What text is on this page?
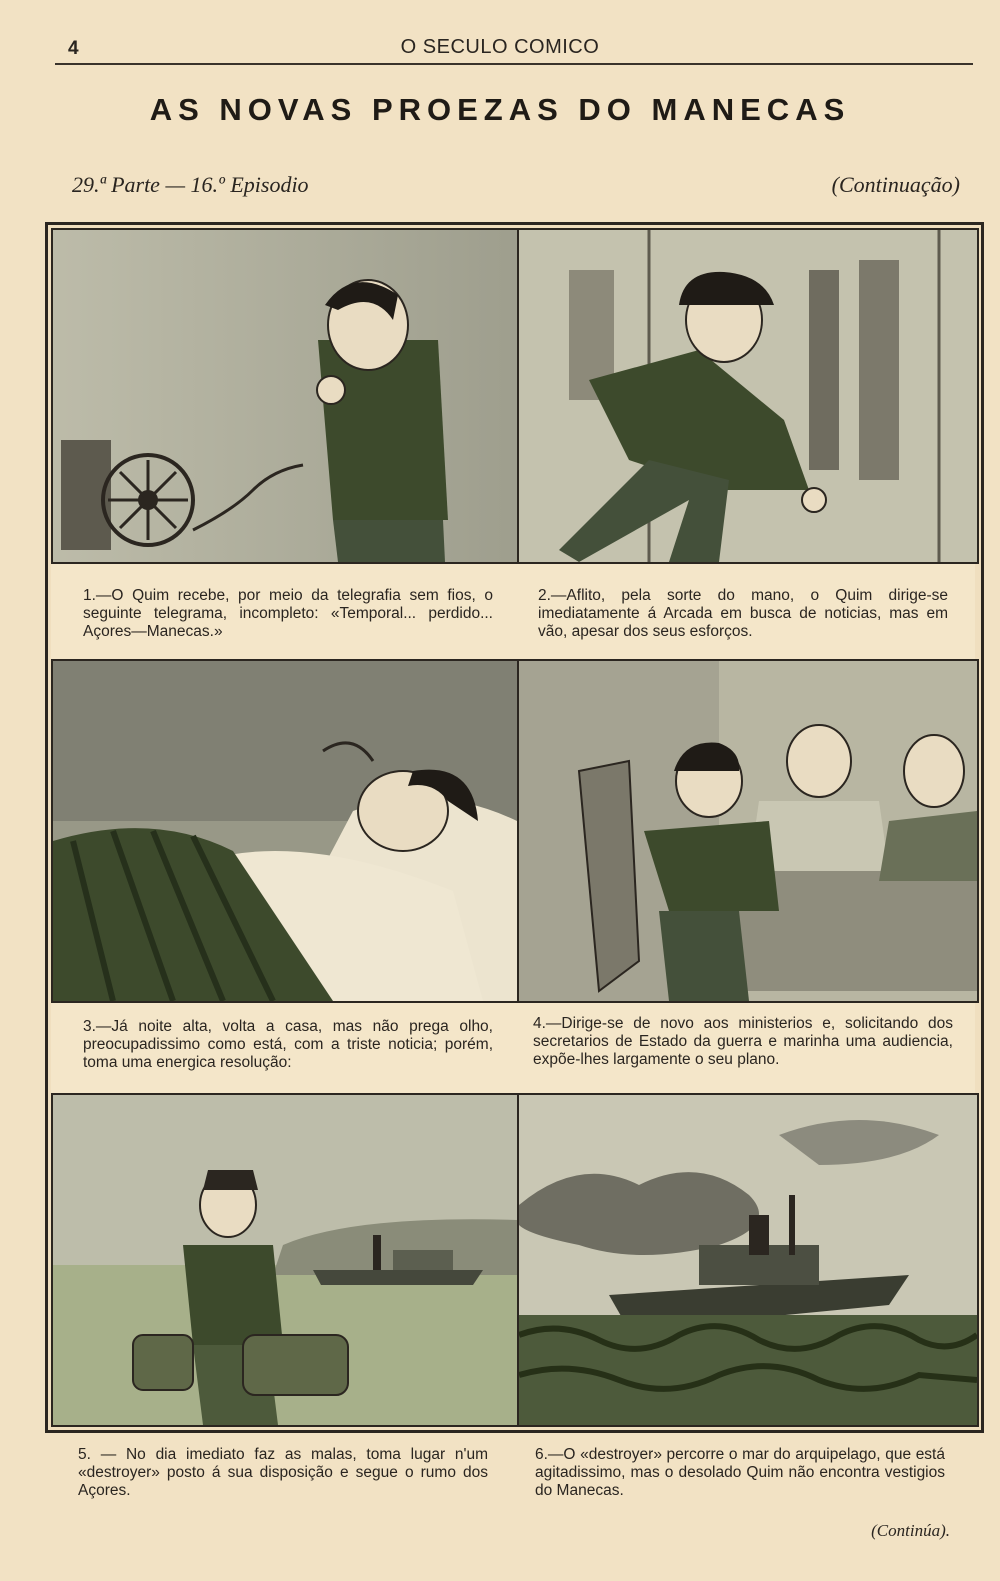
4	O SECULO COMICO
AS NOVAS PROEZAS DO MANECAS
29.ª Parte — 16.º Episodio	(Continuação)
1.—O Quim recebe, por meio da telegrafia sem fios, o seguinte telegrama, incompleto: «Temporal... perdido... Açores—Manecas.»
2.—Aflito, pela sorte do mano, o Quim dirige-se imediatamente á Arcada em busca de noticias, mas em vão, apesar dos seus esforços.
3.—Já noite alta, volta a casa, mas não prega olho, preocupadissimo como está, com a triste noticia; porém, toma uma energica resolução:
4.—Dirige-se de novo aos ministerios e, solicitando dos secretarios de Estado da guerra e marinha uma audiencia, expõe-lhes largamente o seu plano.
5. — No dia imediato faz as malas, toma lugar n'um «destroyer» posto á sua disposição e segue o rumo dos Açores.
6.—O «destroyer» percorre o mar do arquipelago, que está agitadissimo, mas o desolado Quim não encontra vestigios do Manecas.
(Continúa).
